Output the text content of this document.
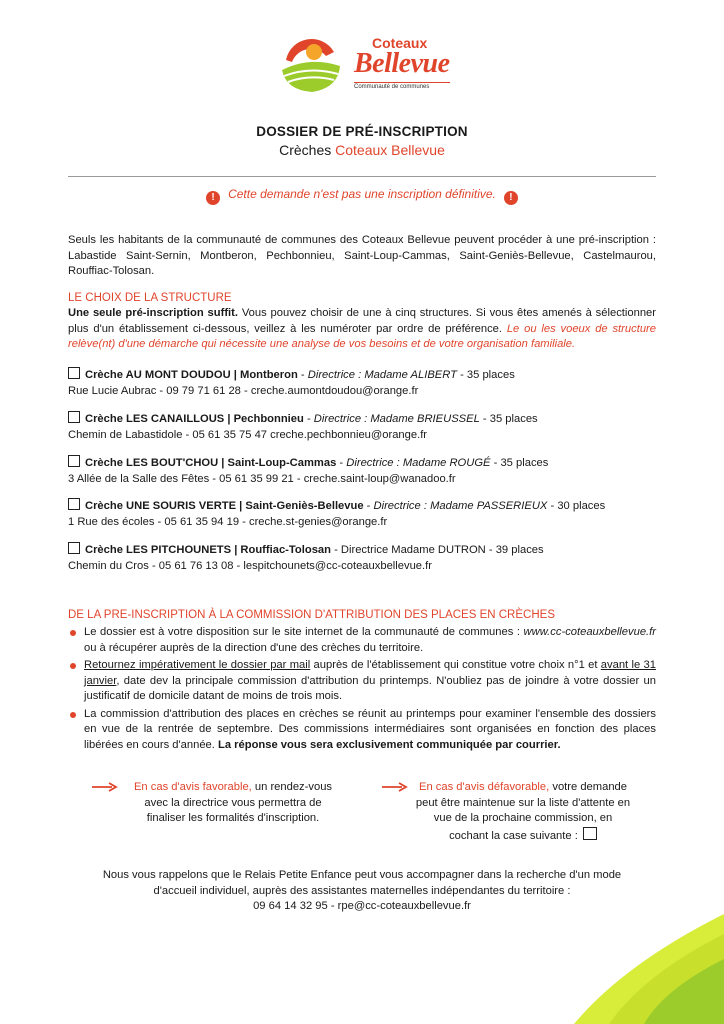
Coteaux
Bellevue
Communauté de communes
DOSSIER DE PRÉ-INSCRIPTION
Crèches Coteaux Bellevue
! Cette demande n'est pas une inscription définitive. !
Seuls les habitants de la communauté de communes des Coteaux Bellevue peuvent procéder à une pré-inscription : Labastide Saint-Sernin, Montberon, Pechbonnieu, Saint-Loup-Cammas, Saint-Geniès-Bellevue, Castelmaurou, Rouffiac-Tolosan.
LE CHOIX DE LA STRUCTURE
Une seule pré-inscription suffit. Vous pouvez choisir de une à cinq structures. Si vous êtes amenés à sélectionner plus d'un établissement ci-dessous, veillez à les numéroter par ordre de préférence. Le ou les voeux de structure relève(nt) d'une démarche qui nécessite une analyse de vos besoins et de votre organisation familiale.
Crèche AU MONT DOUDOU | Montberon - Directrice : Madame ALIBERT - 35 places
Rue Lucie Aubrac - 09 79 71 61 28 - creche.aumontdoudou@orange.fr
Crèche LES CANAILLOUS | Pechbonnieu - Directrice : Madame BRIEUSSEL - 35 places
Chemin de Labastidole - 05 61 35 75 47 creche.pechbonnieu@orange.fr
Crèche LES BOUT'CHOU | Saint-Loup-Cammas - Directrice : Madame ROUGÉ - 35 places
3 Allée de la Salle des Fêtes - 05 61 35 99 21 - creche.saint-loup@wanadoo.fr
Crèche UNE SOURIS VERTE | Saint-Geniès-Bellevue - Directrice : Madame PASSERIEUX - 30 places
1 Rue des écoles - 05 61 35 94 19 - creche.st-genies@orange.fr
Crèche LES PITCHOUNETS | Rouffiac-Tolosan - Directrice Madame DUTRON - 39 places
Chemin du Cros - 05 61 76 13 08 - lespitchounets@cc-coteauxbellevue.fr
DE LA PRE-INSCRIPTION À LA COMMISSION D'ATTRIBUTION DES PLACES EN CRÈCHES
Le dossier est à votre disposition sur le site internet de la communauté de communes : www.cc-coteauxbellevue.fr ou à récupérer auprès de la direction d'une des crèches du territoire.
Retournez impérativement le dossier par mail auprès de l'établissement qui constitue votre choix n°1 et avant le 31 janvier, date dev la principale commission d'attribution du printemps. N'oubliez pas de joindre à votre dossier un justificatif de domicile datant de moins de trois mois.
La commission d'attribution des places en crèches se réunit au printemps pour examiner l'ensemble des dossiers en vue de la rentrée de septembre. Des commissions intermédiaires sont organisées en fonction des places libérées en cours d'année. La réponse vous sera exclusivement communiquée par courrier.
En cas d'avis favorable, un rendez-vous avec la directrice vous permettra de finaliser les formalités d'inscription.
En cas d'avis défavorable, votre demande peut être maintenue sur la liste d'attente en vue de la prochaine commission, en cochant la case suivante :
Nous vous rappelons que le Relais Petite Enfance peut vous accompagner dans la recherche d'un mode d'accueil individuel, auprès des assistantes maternelles indépendantes du territoire :
09 64 14 32 95 - rpe@cc-coteauxbellevue.fr
